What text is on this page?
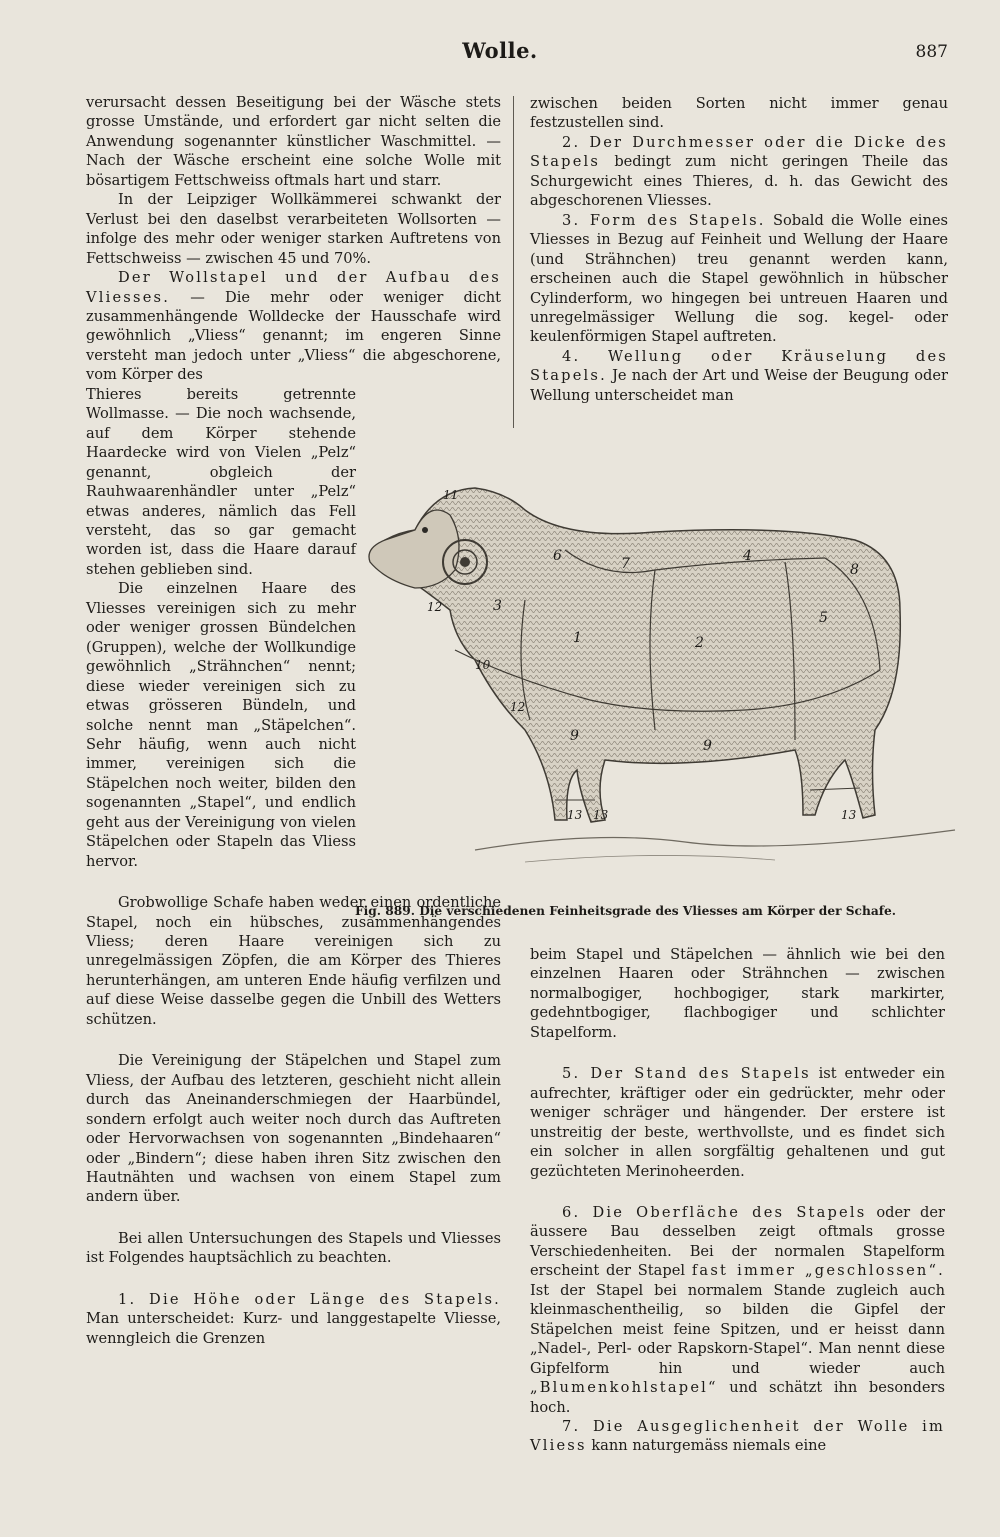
Wolle.	887

verursacht dessen Beseitigung bei der Wäsche stets grosse Umstände, und erfordert gar nicht selten die Anwendung sogenannter künstlicher Waschmittel. — Nach der Wäsche erscheint eine solche Wolle mit bösartigem Fettschweiss oftmals hart und starr.

In der Leipziger Wollkämmerei schwankt der Verlust bei den daselbst verarbeiteten Wollsorten — infolge des mehr oder weniger starken Auftretens von Fettschweiss — zwischen 45 und 70%.

Der Wollstapel und der Aufbau des Vliesses. — Die mehr oder weniger dicht zusammenhängende Wolldecke der Hausschafe wird gewöhnlich „Vliess“ genannt; im engeren Sinne versteht man jedoch unter „Vliess“ die abgeschorene, vom Körper des

Thieres bereits getrennte Wollmasse. — Die noch wachsende, auf dem Körper stehende Haardecke wird von Vielen „Pelz“ genannt, obgleich der Rauhwaarenhändler unter „Pelz“ etwas anderes, nämlich das Fell versteht, das so gar gemacht worden ist, dass die Haare darauf stehen geblieben sind.

Die einzelnen Haare des Vliesses vereinigen sich zu mehr oder weniger grossen Bündelchen (Gruppen), welche der Wollkundige gewöhnlich „Strähnchen“ nennt; diese wieder vereinigen sich zu etwas grösseren Bündeln, und solche nennt man „Stäpelchen“. Sehr häufig, wenn auch nicht immer, vereinigen sich die Stäpelchen noch weiter, bilden den sogenannten „Stapel“, und endlich geht aus der Vereinigung von vielen Stäpelchen oder Stapeln das Vliess hervor.

Grobwollige Schafe haben weder einen ordentliche Stapel, noch ein hübsches, zusammenhängendes Vliess; deren Haare vereinigen sich zu unregelmässigen Zöpfen, die am Körper des Thieres herunterhängen, am unteren Ende häufig verfilzen und auf diese Weise dasselbe gegen die Unbill des Wetters schützen.

Die Vereinigung der Stäpelchen und Stapel zum Vliess, der Aufbau des letzteren, geschieht nicht allein durch das Aneinanderschmiegen der Haarbündel, sondern erfolgt auch weiter noch durch das Auftreten oder Hervorwachsen von sogenannten „Bindehaaren“ oder „Bindern“; diese haben ihren Sitz zwischen den Hautnähten und wachsen von einem Stapel zum andern über.

Bei allen Untersuchungen des Stapels und Vliesses ist Folgendes hauptsächlich zu beachten.

1. Die Höhe oder Länge des Stapels. Man unterscheidet: Kurz- und langgestapelte Vliesse, wenngleich die Grenzen

zwischen beiden Sorten nicht immer genau festzustellen sind.

2. Der Durchmesser oder die Dicke des Stapels bedingt zum nicht geringen Theile das Schurgewicht eines Thieres, d. h. das Gewicht des abgeschorenen Vliesses.

3. Form des Stapels. Sobald die Wolle eines Vliesses in Bezug auf Feinheit und Wellung der Haare (und Strähnchen) treu genannt werden kann, erscheinen auch die Stapel gewöhnlich in hübscher Cylinderform, wo hingegen bei untreuen Haaren und unregelmässiger Wellung die sog. kegel- oder keulenförmigen Stapel auftreten.

4. Wellung oder Kräuselung des Stapels. Je nach der Art und Weise der Beugung oder Wellung unterscheidet man

1	2
3
4
5
6	7	8
9
9
10
11
12
12
13 13	13
Fig. 889. Die verschiedenen Feinheitsgrade des Vliesses am Körper der Schafe.

beim Stapel und Stäpelchen — ähnlich wie bei den einzelnen Haaren oder Strähnchen — zwischen normalbogiger, hochbogiger, stark markirter, gedehntbogiger, flachbogiger und schlichter Stapelform.

5. Der Stand des Stapels ist entweder ein aufrechter, kräftiger oder ein gedrückter, mehr oder weniger schräger und hängender. Der erstere ist unstreitig der beste, werthvollste, und es findet sich ein solcher in allen sorgfältig gehaltenen und gut gezüchteten Merinoheerden.

6. Die Oberfläche des Stapels oder der äussere Bau desselben zeigt oftmals grosse Verschiedenheiten. Bei der normalen Stapelform erscheint der Stapel fast immer „geschlossen“. Ist der Stapel bei normalem Stande zugleich auch kleinmaschentheilig, so bilden die Gipfel der Stäpelchen meist feine Spitzen, und er heisst dann „Nadel-, Perl- oder Rapskorn-Stapel“. Man nennt diese Gipfelform hin und wieder auch „Blumenkohlstapel“ und schätzt ihn besonders hoch.

7. Die Ausgeglichenheit der Wolle im Vliess kann naturgemäss niemals eine
